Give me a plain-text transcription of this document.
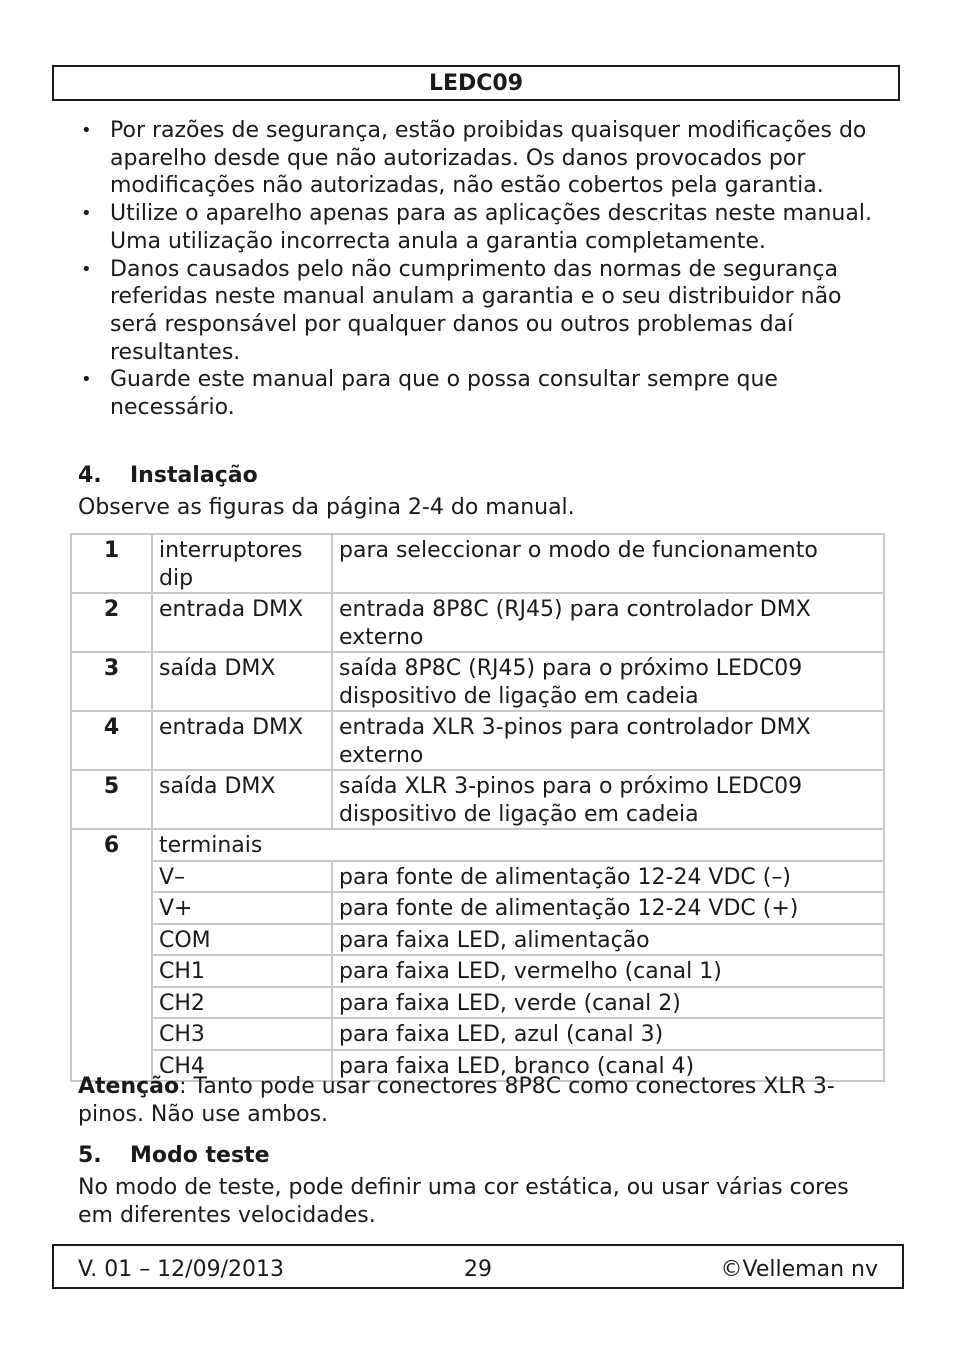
LEDC09
• Por razões de segurança, estão proibidas quaisquer modificações do aparelho desde que não autorizadas. Os danos provocados por modificações não autorizadas, não estão cobertos pela garantia.
• Utilize o aparelho apenas para as aplicações descritas neste manual. Uma utilização incorrecta anula a garantia completamente.
• Danos causados pelo não cumprimento das normas de segurança referidas neste manual anulam a garantia e o seu distribuidor não será responsável por qualquer danos ou outros problemas daí resultantes.
• Guarde este manual para que o possa consultar sempre que necessário.
4. Instalação
Observe as figuras da página 2-4 do manual.
1	interruptores dip	para seleccionar o modo de funcionamento
2	entrada DMX	entrada 8P8C (RJ45) para controlador DMX externo
3	saída DMX	saída 8P8C (RJ45) para o próximo LEDC09 dispositivo de ligação em cadeia
4	entrada DMX	entrada XLR 3-pinos para controlador DMX externo
5	saída DMX	saída XLR 3-pinos para o próximo LEDC09 dispositivo de ligação em cadeia
6	terminais	
	V–	para fonte de alimentação 12-24 VDC (–)
	V+	para fonte de alimentação 12-24 VDC (+)
	COM	para faixa LED, alimentação
	CH1	para faixa LED, vermelho (canal 1)
	CH2	para faixa LED, verde (canal 2)
	CH3	para faixa LED, azul (canal 3)
	CH4	para faixa LED, branco (canal 4)
Atenção: Tanto pode usar conectores 8P8C como conectores XLR 3-pinos. Não use ambos.
5. Modo teste
No modo de teste, pode definir uma cor estática, ou usar várias cores em diferentes velocidades.
V. 01 – 12/09/2013	29	©Velleman nv
